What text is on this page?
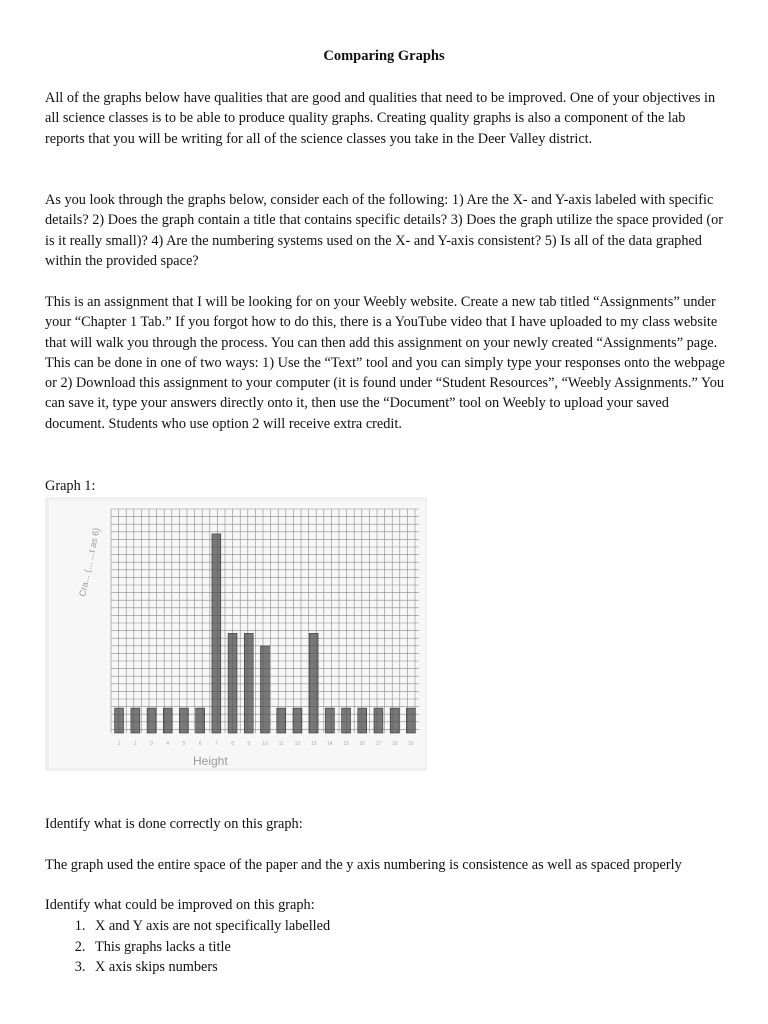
Comparing Graphs
All of the graphs below have qualities that are good and qualities that need to be improved. One of your objectives in all science classes is to be able to produce quality graphs. Creating quality graphs is also a component of the lab reports that you will be writing for all of the science classes you take in the Deer Valley district.
As you look through the graphs below, consider each of the following: 1) Are the X- and Y-axis labeled with specific details? 2) Does the graph contain a title that contains specific details? 3) Does the graph utilize the space provided (or is it really small)? 4) Are the numbering systems used on the X- and Y-axis consistent? 5) Is all of the data graphed within the provided space?
This is an assignment that I will be looking for on your Weebly website. Create a new tab titled “Assignments” under your “Chapter 1 Tab.” If you forgot how to do this, there is a YouTube video that I have uploaded to my class website that will walk you through the process. You can then add this assignment on your newly created “Assignments” page. This can be done in one of two ways: 1) Use the “Text” tool and you can simply type your responses onto the webpage or 2) Download this assignment to your computer (it is found under “Student Resources”, “Weebly Assignments.” You can save it, type your answers directly onto it, then use the “Document” tool on Weebly to upload your saved document. Students who use option 2 will receive extra credit.
Graph 1:
1	2	3	4	5	6	7	8	9 10 11 12 13 14 15 16 17 18 19
Cra... (... ...t as 6)
Height
Identify what is done correctly on this graph:
The graph used the entire space of the paper and the y axis numbering is consistence as well as spaced properly
Identify what could be improved on this graph:
1. X and Y axis are not specifically labelled
2. This graphs lacks a title
3. X axis skips numbers
